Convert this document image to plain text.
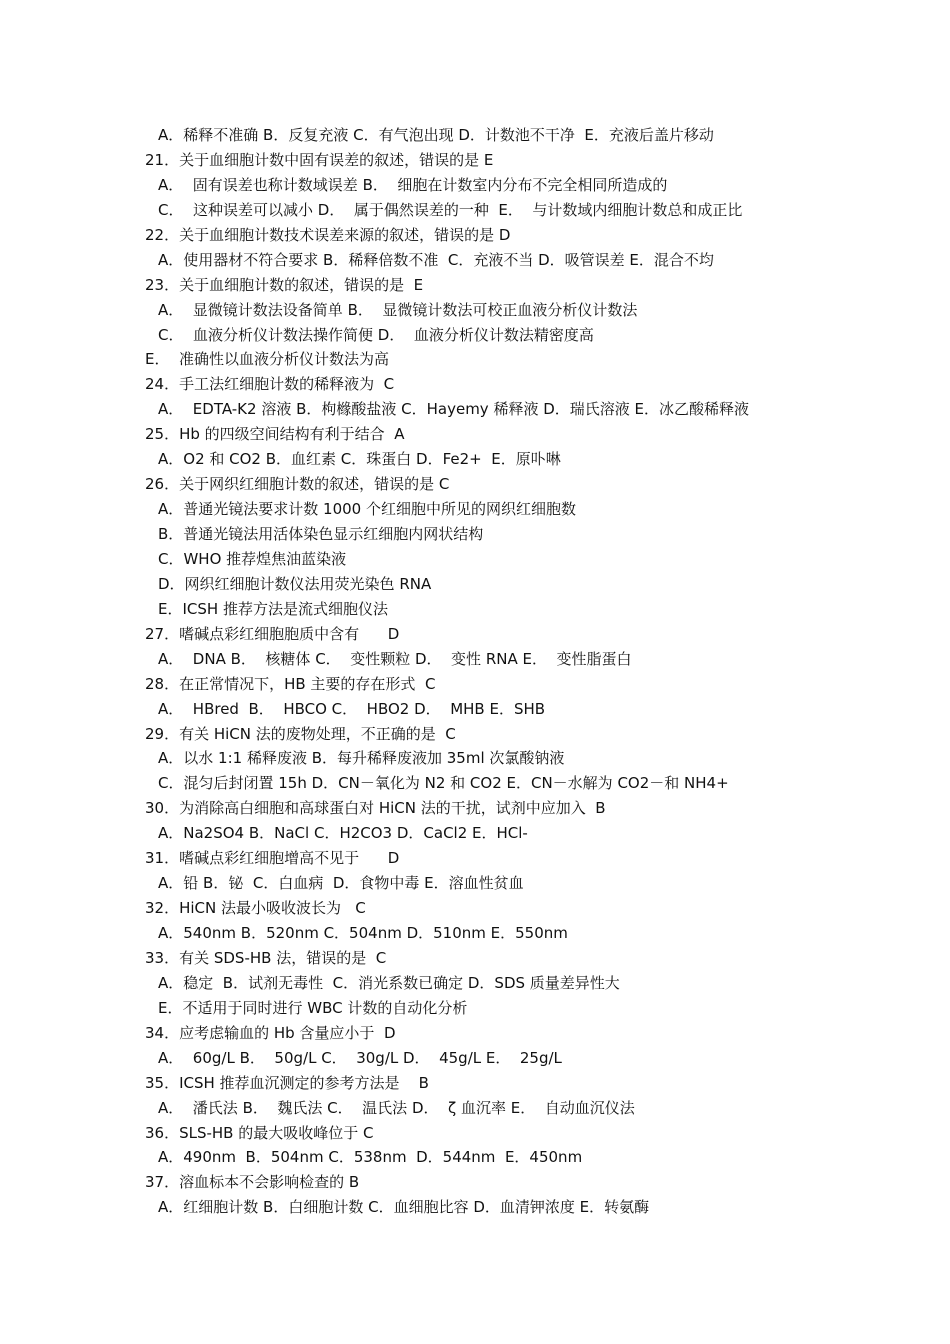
A．稀释不准确 B．反复充液 C．有气泡出现 D．计数池不干净  E．充液后盖片移动
21．关于血细胞计数中固有误差的叙述，错误的是 E
A．  固有误差也称计数域误差 B．  细胞在计数室内分布不完全相同所造成的
C．  这种误差可以减小 D．  属于偶然误差的一种  E．  与计数域内细胞计数总和成正比
22．关于血细胞计数技术误差来源的叙述，错误的是 D
A．使用器材不符合要求 B．稀释倍数不准  C．充液不当 D．吸管误差 E．混合不均
23．关于血细胞计数的叙述，错误的是  E
A．  显微镜计数法设备简单 B．  显微镜计数法可校正血液分析仪计数法
C．  血液分析仪计数法操作简便 D．  血液分析仪计数法精密度高
E．  准确性以血液分析仪计数法为高
24．手工法红细胞计数的稀释液为  C
A．  EDTA-K2 溶液 B．枸橼酸盐液 C．Hayemy 稀释液 D．瑞氏溶液 E．冰乙酸稀释液
25．Hb 的四级空间结构有利于结合  A
A．O2 和 CO2 B．血红素 C．珠蛋白 D．Fe2+  E．原卟啉
26．关于网织红细胞计数的叙述，错误的是 C
A．普通光镜法要求计数 1000 个红细胞中所见的网织红细胞数
B．普通光镜法用活体染色显示红细胞内网状结构
C．WHO 推荐煌焦油蓝染液
D．网织红细胞计数仪法用荧光染色 RNA
E．ICSH 推荐方法是流式细胞仪法
27．嗜碱点彩红细胞胞质中含有      D
A．  DNA B．  核糖体 C．  变性颗粒 D．  变性 RNA E．  变性脂蛋白
28．在正常情况下，HB 主要的存在形式  C
A．  HBred  B．  HBCO C．  HBO2 D．  MHB E．SHB
29．有关 HiCN 法的废物处理，不正确的是  C
A．以水 1:1 稀释废液 B．每升稀释废液加 35ml 次氯酸钠液
C．混匀后封闭置 15h D．CN－氧化为 N2 和 CO2 E．CN－水解为 CO2－和 NH4+
30．为消除高白细胞和高球蛋白对 HiCN 法的干扰，试剂中应加入  B
A．Na2SO4 B．NaCl C．H2CO3 D．CaCl2 E．HCl-
31．嗜碱点彩红细胞增高不见于      D
A．铅 B．铋  C．白血病  D．食物中毒 E．溶血性贫血
32．HiCN 法最小吸收波长为   C
A．540nm B．520nm C．504nm D．510nm E．550nm
33．有关 SDS-HB 法，错误的是  C
A．稳定  B．试剂无毒性  C．消光系数已确定 D．SDS 质量差异性大
E．不适用于同时进行 WBC 计数的自动化分析
34．应考虑输血的 Hb 含量应小于  D
A．  60g/L B．  50g/L C．  30g/L D．  45g/L E．  25g/L
35．ICSH 推荐血沉测定的参考方法是    B
A．  潘氏法 B．  魏氏法 C．  温氏法 D．  ζ 血沉率 E．  自动血沉仪法
36．SLS-HB 的最大吸收峰位于 C
A．490nm  B．504nm C．538nm  D．544nm  E．450nm
37．溶血标本不会影响检查的 B
A．红细胞计数 B．白细胞计数 C．血细胞比容 D．血清钾浓度 E．转氨酶
